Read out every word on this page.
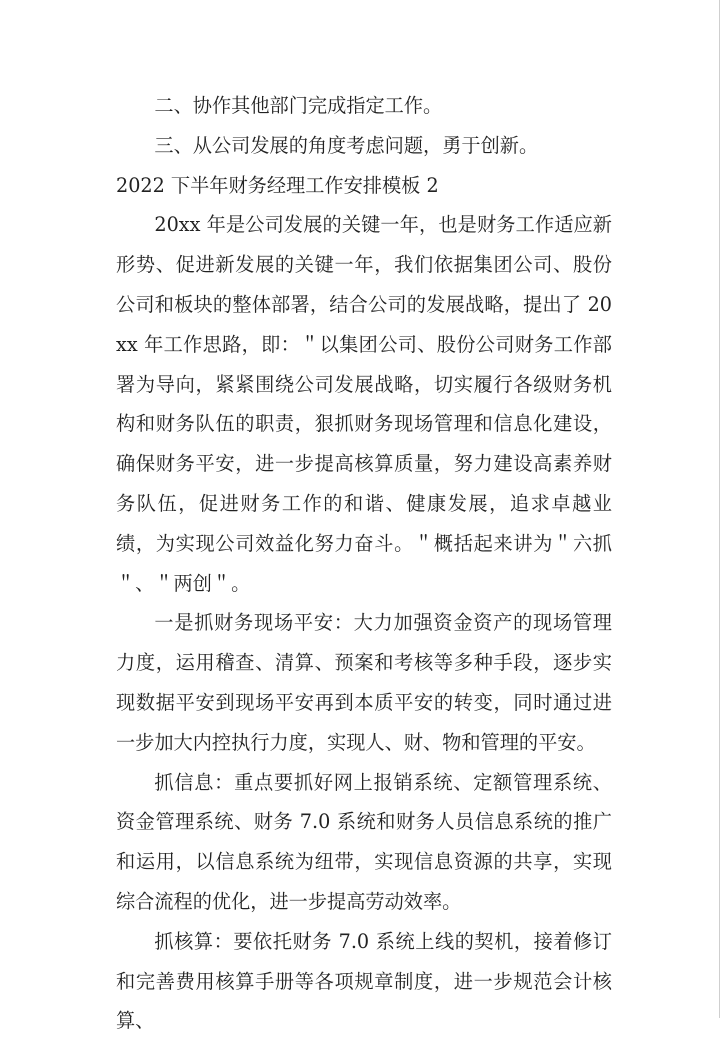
二、协作其他部门完成指定工作。

三、从公司发展的角度考虑问题，勇于创新。

2022 下半年财务经理工作安排模板 2

20xx 年是公司发展的关键一年，也是财务工作适应新形势、促进新发展的关键一年，我们依据集团公司、股份公司和板块的整体部署，结合公司的发展战略，提出了 20xx 年工作思路，即：＂以集团公司、股份公司财务工作部署为导向，紧紧围绕公司发展战略，切实履行各级财务机构和财务队伍的职责，狠抓财务现场管理和信息化建设，确保财务平安，进一步提高核算质量，努力建设高素养财务队伍，促进财务工作的和谐、健康发展，追求卓越业绩，为实现公司效益化努力奋斗。＂概括起来讲为＂六抓＂、＂两创＂。

一是抓财务现场平安：大力加强资金资产的现场管理力度，运用稽查、清算、预案和考核等多种手段，逐步实现数据平安到现场平安再到本质平安的转变，同时通过进一步加大内控执行力度，实现人、财、物和管理的平安。

抓信息：重点要抓好网上报销系统、定额管理系统、资金管理系统、财务 7.0 系统和财务人员信息系统的推广和运用，以信息系统为纽带，实现信息资源的共享，实现综合流程的优化，进一步提高劳动效率。

抓核算：要依托财务 7.0 系统上线的契机，接着修订和完善费用核算手册等各项规章制度，进一步规范会计核算、
